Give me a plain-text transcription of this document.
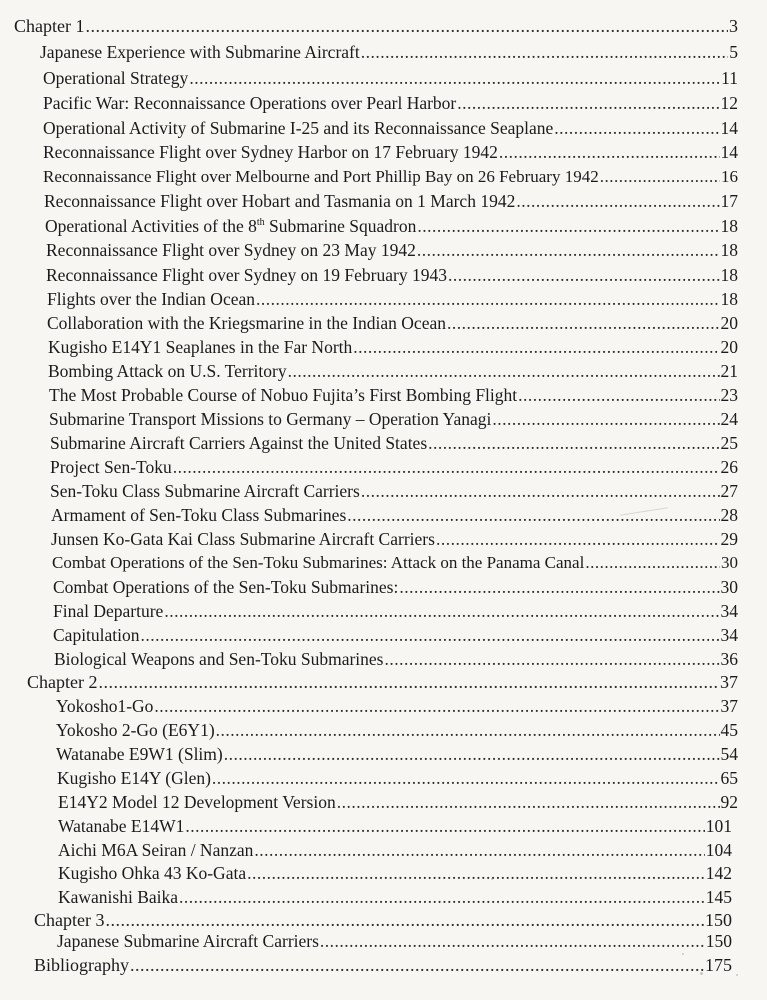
Chapter 1 .....	3
Japanese Experience with Submarine Aircraft .....	5
Operational Strategy .....	11
Pacific War: Reconnaissance Operations over Pearl Harbor .....	12
Operational Activity of Submarine I-25 and its Reconnaissance Seaplane .....	14
Reconnaissance Flight over Sydney Harbor on 17 February 1942 .....	14
Reconnaissance Flight over Melbourne and Port Phillip Bay on 26 February 1942 .....	16
Reconnaissance Flight over Hobart and Tasmania on 1 March 1942 .....	17
Operational Activities of the 8th Submarine Squadron .....	18
Reconnaissance Flight over Sydney on 23 May 1942 .....	18
Reconnaissance Flight over Sydney on 19 February 1943 .....	18
Flights over the Indian Ocean .....	18
Collaboration with the Kriegsmarine in the Indian Ocean .....	20
Kugisho E14Y1 Seaplanes in the Far North .....	20
Bombing Attack on U.S. Territory .....	21
The Most Probable Course of Nobuo Fujita’s First Bombing Flight .....	23
Submarine Transport Missions to Germany – Operation Yanagi .....	24
Submarine Aircraft Carriers Against the United States .....	25
Project Sen-Toku .....	26
Sen-Toku Class Submarine Aircraft Carriers .....	27
Armament of Sen-Toku Class Submarines .....	28
Junsen Ko-Gata Kai Class Submarine Aircraft Carriers .....	29
Combat Operations of the Sen-Toku Submarines: Attack on the Panama Canal .....	30
Combat Operations of the Sen-Toku Submarines: .....	30
Final Departure .....	34
Capitulation .....	34
Biological Weapons and Sen-Toku Submarines .....	36
Chapter 2 .....	37
Yokosho1-Go .....	37
Yokosho 2-Go (E6Y1) .....	45
Watanabe E9W1 (Slim) .....	54
Kugisho E14Y (Glen) .....	65
E14Y2 Model 12 Development Version .....	92
Watanabe E14W1 .....	101
Aichi M6A Seiran / Nanzan .....	104
Kugisho Ohka 43 Ko-Gata .....	142
Kawanishi Baika .....	145
Chapter 3 .....	150
Japanese Submarine Aircraft Carriers .....	150
Bibliography .....	175
